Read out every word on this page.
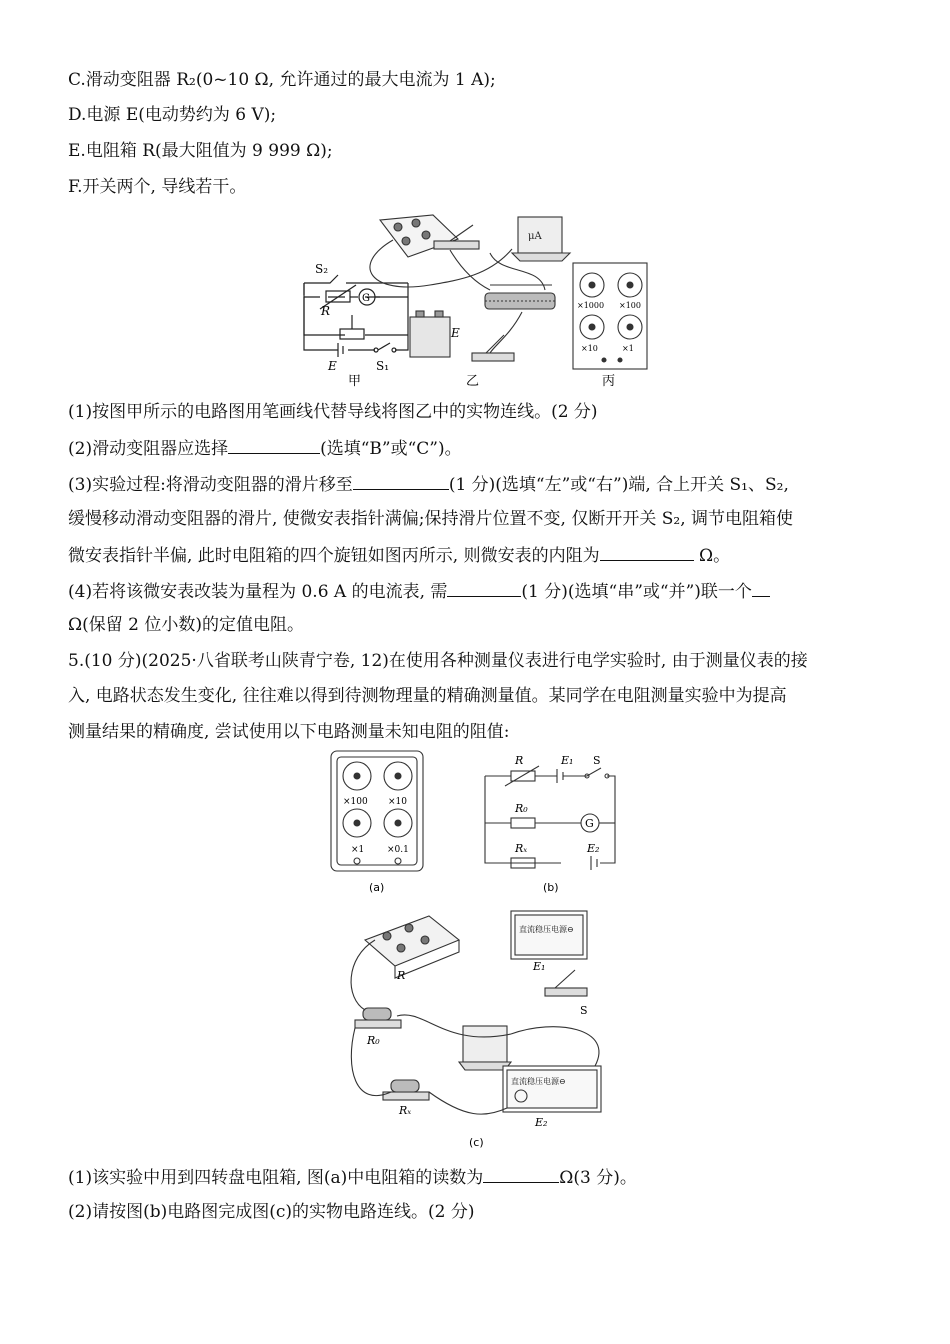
C.滑动变阻器 R₂(0~10 Ω, 允许通过的最大电流为 1 A);
D.电源 E(电动势约为 6 V);
E.电阻箱 R(最大阻值为 9 999 Ω);
F.开关两个, 导线若干。
S₂
R
G
E	S₁
甲
μA
E
乙
×1000 ×100
×10	×1
丙
(1)按图甲所示的电路图用笔画线代替导线将图乙中的实物连线。(2 分)
(2)滑动变阻器应选择	(选填“B”或“C”)。
(3)实验过程:将滑动变阻器的滑片移至	(1 分)(选填“左”或“右”)端, 合上开关 S₁、S₂,
缓慢移动滑动变阻器的滑片, 使微安表指针满偏;保持滑片位置不变, 仅断开开关 S₂, 调节电阻箱使
微安表指针半偏, 此时电阻箱的四个旋钮如图丙所示, 则微安表的内阻为	Ω。
(4)若将该微安表改装为量程为 0.6 A 的电流表, 需	(1 分)(选填“串”或“并”)联一个
Ω(保留 2 位小数)的定值电阻。
5.(10 分)(2025·八省联考山陕青宁卷, 12)在使用各种测量仪表进行电学实验时, 由于测量仪表的接
入, 电路状态发生变化, 往往难以得到待测物理量的精确测量值。某同学在电阻测量实验中为提高
测量结果的精确度, 尝试使用以下电路测量未知电阻的阻值:
×100 ×10
×1	×0.1
(a)
R	E₁ S
R₀
G
Rₓ	E₂
(b)
直流稳压电源⊖
直流稳压电源⊖
R
E₁
S
R₀
Rₓ
E₂
(c)
(1)该实验中用到四转盘电阻箱, 图(a)中电阻箱的读数为	Ω(3 分)。
(2)请按图(b)电路图完成图(c)的实物电路连线。(2 分)
